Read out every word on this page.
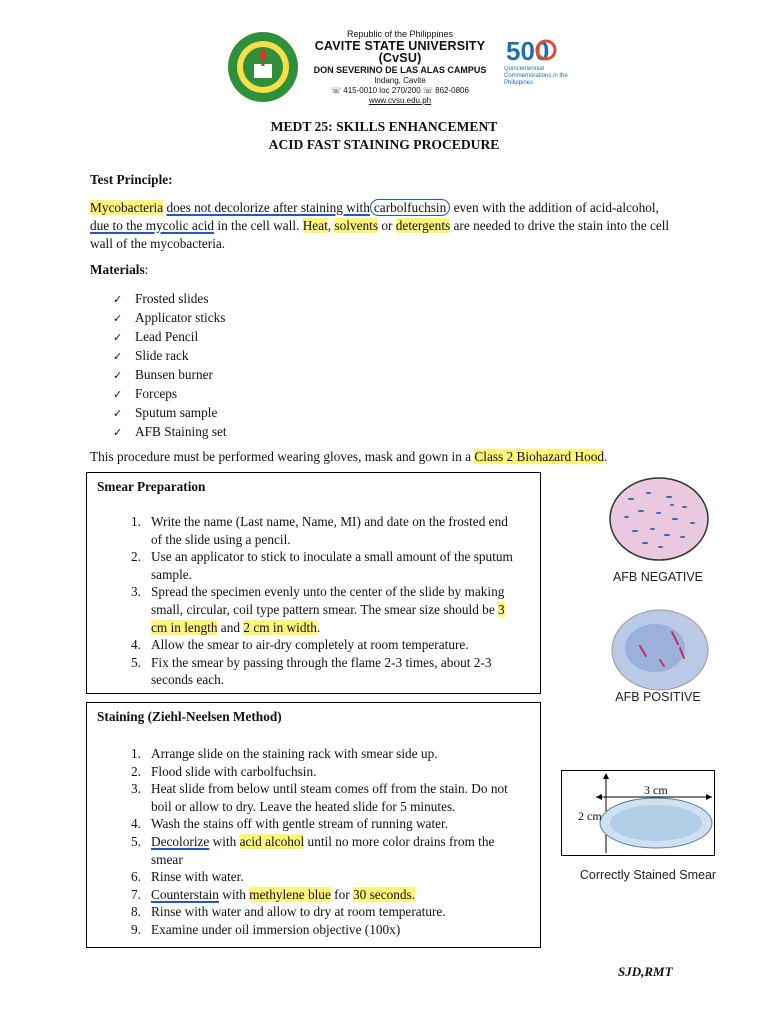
Republic of the Philippines
CAVITE STATE UNIVERSITY
(CvSU)
DON SEVERINO DE LAS ALAS CAMPUS
Indang, Cavite
☏ 415-0010 loc 270/200 ☏ 862-0806
www.cvsu.edu.ph
500
Quincentennial Commemorations in the Philippines
MEDT 25: SKILLS ENHANCEMENT
ACID FAST STAINING PROCEDURE
Test Principle:
Mycobacteria does not decolorize after staining with carbolfuchsin even with the addition of acid-alcohol,
due to the mycolic acid in the cell wall. Heat, solvents or detergents are needed to drive the stain into the cell wall of the mycobacteria.
Materials:
✓ Frosted slides
✓ Applicator sticks
✓ Lead Pencil
✓ Slide rack
✓ Bunsen burner
✓ Forceps
✓ Sputum sample
✓ AFB Staining set
This procedure must be performed wearing gloves, mask and gown in a Class 2 Biohazard Hood.
Smear Preparation
1. Write the name (Last name, Name, MI) and date on the frosted end of the slide using a pencil.
2. Use an applicator to stick to inoculate a small amount of the sputum sample.
3. Spread the specimen evenly unto the center of the slide by making small, circular, coil type pattern smear. The smear size should be 3 cm in length and 2 cm in width.
4. Allow the smear to air-dry completely at room temperature.
5. Fix the smear by passing through the flame 2-3 times, about 2-3 seconds each.
Staining (Ziehl-Neelsen Method)
1. Arrange slide on the staining rack with smear side up.
2. Flood slide with carbolfuchsin.
3. Heat slide from below until steam comes off from the stain. Do not boil or allow to dry. Leave the heated slide for 5 minutes.
4. Wash the stains off with gentle stream of running water.
5. Decolorize with acid alcohol until no more color drains from the smear
6. Rinse with water.
7. Counterstain with methylene blue for 30 seconds.
8. Rinse with water and allow to dry at room temperature.
9. Examine under oil immersion objective (100x)
AFB NEGATIVE
AFB POSITIVE
3 cm
2 cm
Correctly Stained Smear
SJD,RMT
